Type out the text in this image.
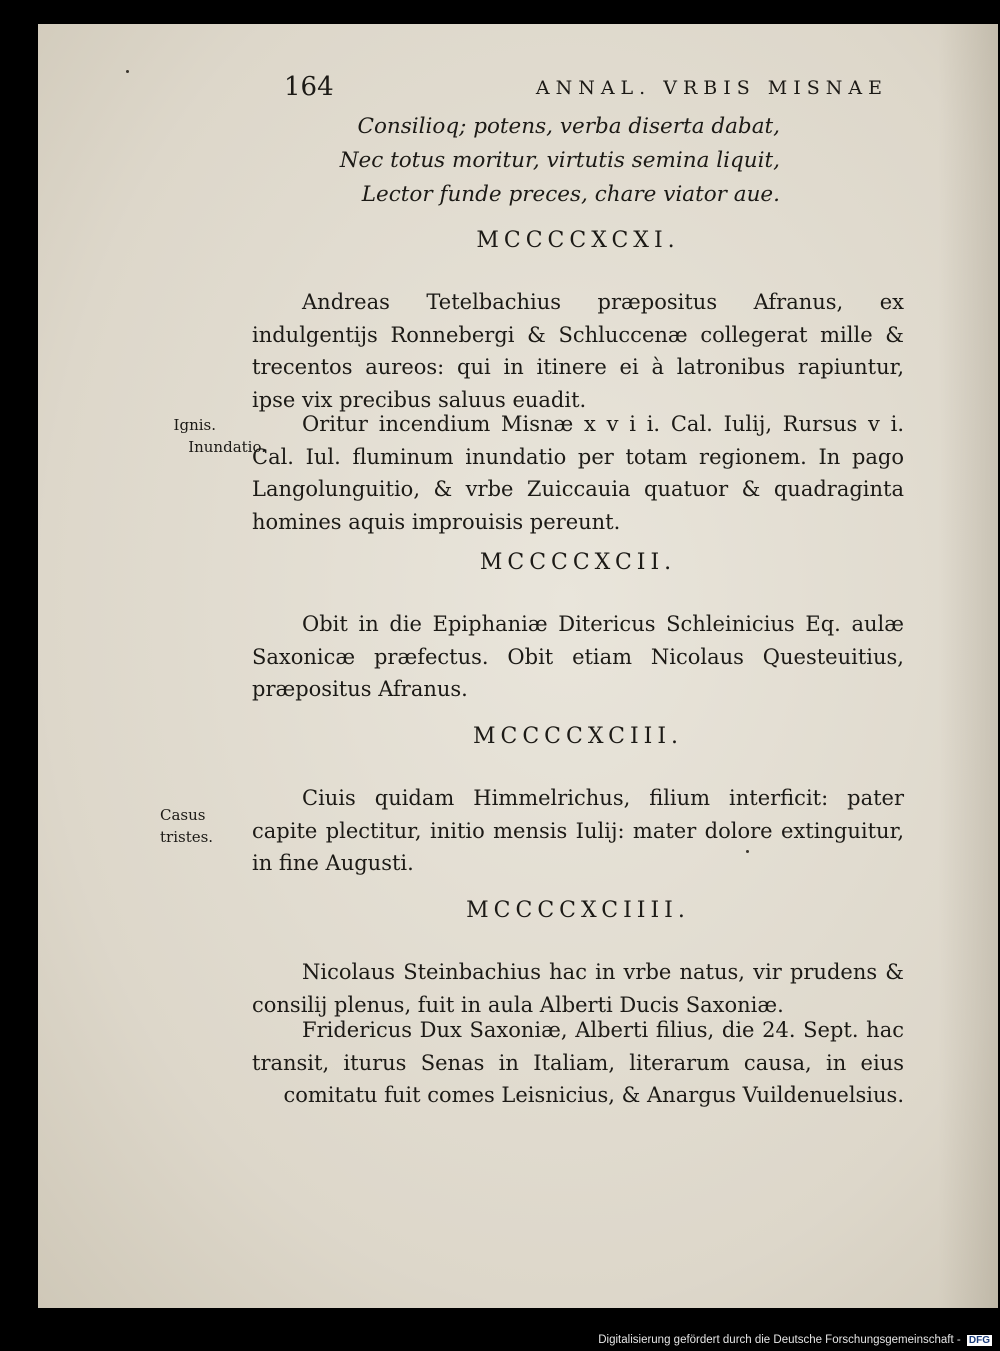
164	ANNAL. VRBIS MISNAE
Consilioq; potens, verba diserta dabat,
Nec totus moritur, virtutis semina liquit,
Lector funde preces, chare viator aue.
MCCCCXCXI.

Andreas Tetelbachius præpositus Afranus, ex indulgentijs Ronnebergi & Schluccenæ collegerat mille & trecentos aureos: qui in itinere ei à latronibus rapiuntur, ipse vix precibus saluus euadit.

Oritur incendium Misnæ x v i i. Cal. Iulij, Rursus v i. Cal. Iul. fluminum inundatio per totam regionem. In pago Langolunguitio, & vrbe Zuiccauia quatuor & quadraginta homines aquis improuisis pereunt.

Ignis.
Inundatio.
MCCCCXCII.

Obit in die Epiphaniæ Ditericus Schleinicius Eq. aulæ Saxonicæ præfectus. Obit etiam Nicolaus Questeuitius, præpositus Afranus.

MCCCCXCIII.

Ciuis quidam Himmelrichus, filium interficit: pater capite plectitur, initio mensis Iulij: mater dolore extinguitur, in fine Augusti.

Casus tristes.
MCCCCXCIIII.

Nicolaus Steinbachius hac in vrbe natus, vir prudens & consilij plenus, fuit in aula Alberti Ducis Saxoniæ.

Fridericus Dux Saxoniæ, Alberti filius, die 24. Sept. hac transit, iturus Senas in Italiam, literarum causa, in eius comitatu fuit comes Leisnicius, & Anargus Vuildenuelsius.

Digitalisierung gefördert durch die Deutsche Forschungsgemeinschaft - DFG
